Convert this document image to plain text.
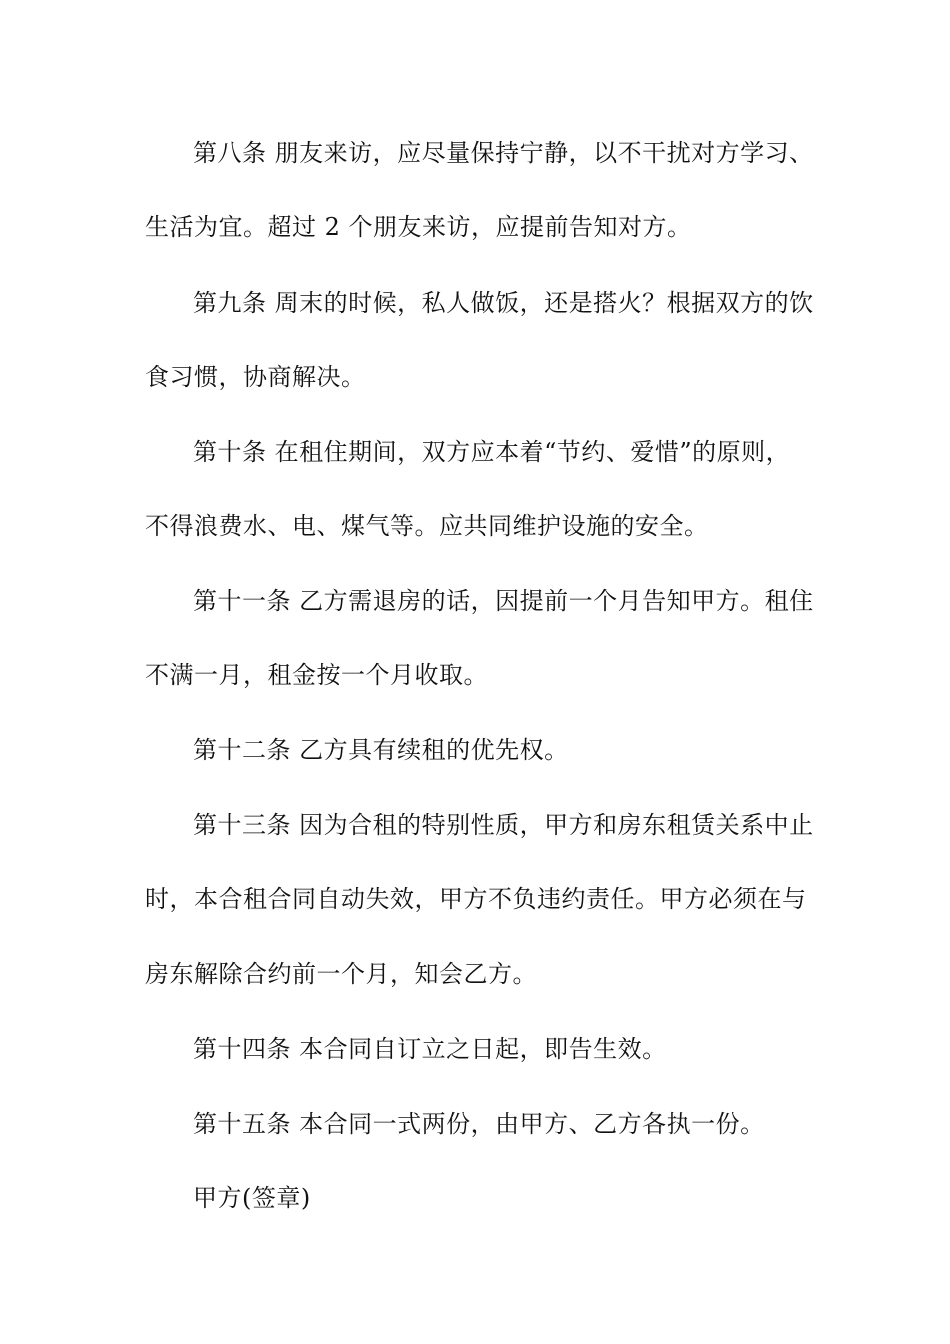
第八条 朋友来访，应尽量保持宁静，以不干扰对方学习、
生活为宜。超过 2 个朋友来访，应提前告知对方。
第九条 周末的时候，私人做饭，还是搭火？根据双方的饮
食习惯，协商解决。
第十条 在租住期间，双方应本着“节约、爱惜”的原则，
不得浪费水、电、煤气等。应共同维护设施的安全。
第十一条 乙方需退房的话，因提前一个月告知甲方。租住
不满一月，租金按一个月收取。
第十二条 乙方具有续租的优先权。
第十三条 因为合租的特别性质，甲方和房东租赁关系中止
时，本合租合同自动失效，甲方不负违约责任。甲方必须在与
房东解除合约前一个月，知会乙方。
第十四条 本合同自订立之日起，即告生效。
第十五条 本合同一式两份，由甲方、乙方各执一份。
甲方(签章)
